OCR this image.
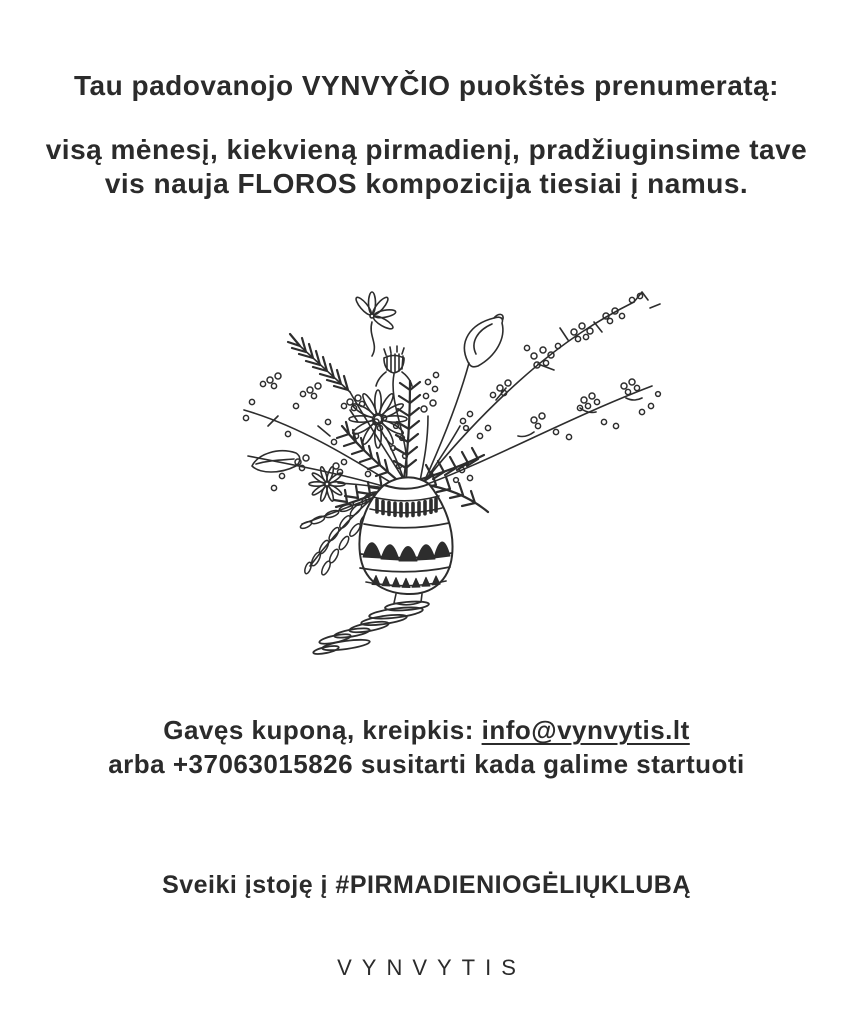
Tau padovanojo VYNVYČIO puokštės prenumeratą:
visą mėnesį, kiekvieną pirmadienį, pradžiuginsime tave
vis nauja FLOROS kompozicija tiesiai į namus.
Gavęs kuponą, kreipkis: info@vynvytis.lt
arba +37063015826 susitarti kada galime startuoti
Sveiki įstoję į #PIRMADIENIOGĖLIŲKLUBĄ
VYNVYTIS
